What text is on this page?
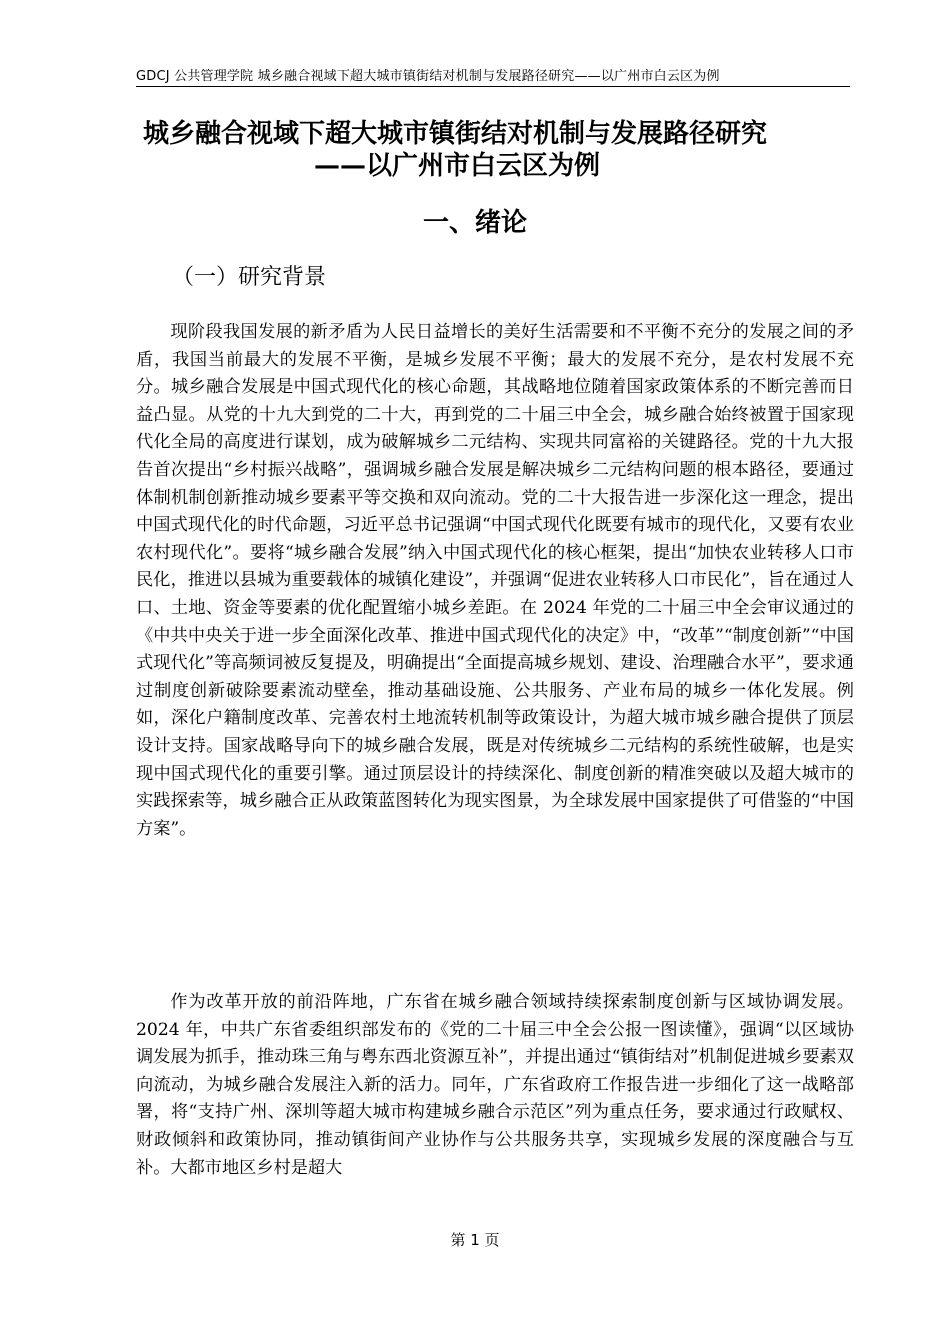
GDCJ 公共管理学院 城乡融合视域下超大城市镇街结对机制与发展路径研究——以广州市白云区为例
城乡融合视域下超大城市镇街结对机制与发展路径研究
——以广州市白云区为例
一、绪论
（一）研究背景

现阶段我国发展的新矛盾为人民日益增长的美好生活需要和不平衡不充分的发展之间的矛盾，我国当前最大的发展不平衡，是城乡发展不平衡；最大的发展不充分，是农村发展不充分。城乡融合发展是中国式现代化的核心命题，其战略地位随着国家政策体系的不断完善而日益凸显。从党的十九大到党的二十大，再到党的二十届三中全会，城乡融合始终被置于国家现代化全局的高度进行谋划，成为破解城乡二元结构、实现共同富裕的关键路径。党的十九大报告首次提出“乡村振兴战略”，强调城乡融合发展是解决城乡二元结构问题的根本路径，要通过体制机制创新推动城乡要素平等交换和双向流动。党的二十大报告进一步深化这一理念，提出中国式现代化的时代命题，习近平总书记强调“中国式现代化既要有城市的现代化，又要有农业农村现代化”。要将“城乡融合发展”纳入中国式现代化的核心框架，提出“加快农业转移人口市民化，推进以县城为重要载体的城镇化建设”，并强调“促进农业转移人口市民化”，旨在通过人口、土地、资金等要素的优化配置缩小城乡差距。在 2024 年党的二十届三中全会审议通过的《中共中央关于进一步全面深化改革、推进中国式现代化的决定》中，“改革”“制度创新”“中国式现代化”等高频词被反复提及，明确提出“全面提高城乡规划、建设、治理融合水平”，要求通过制度创新破除要素流动壁垒，推动基础设施、公共服务、产业布局的城乡一体化发展。例如，深化户籍制度改革、完善农村土地流转机制等政策设计，为超大城市城乡融合提供了顶层设计支持。国家战略导向下的城乡融合发展，既是对传统城乡二元结构的系统性破解，也是实现中国式现代化的重要引擎。通过顶层设计的持续深化、制度创新的精准突破以及超大城市的实践探索等，城乡融合正从政策蓝图转化为现实图景，为全球发展中国家提供了可借鉴的“中国方案”。

作为改革开放的前沿阵地，广东省在城乡融合领域持续探索制度创新与区域协调发展。2024 年，中共广东省委组织部发布的《党的二十届三中全会公报一图读懂》，强调“以区域协调发展为抓手，推动珠三角与粤东西北资源互补”，并提出通过“镇街结对”机制促进城乡要素双向流动，为城乡融合发展注入新的活力。同年，广东省政府工作报告进一步细化了这一战略部署，将“支持广州、深圳等超大城市构建城乡融合示范区”列为重点任务，要求通过行政赋权、财政倾斜和政策协同，推动镇街间产业协作与公共服务共享，实现城乡发展的深度融合与互补。大都市地区乡村是超大

第 1 页
